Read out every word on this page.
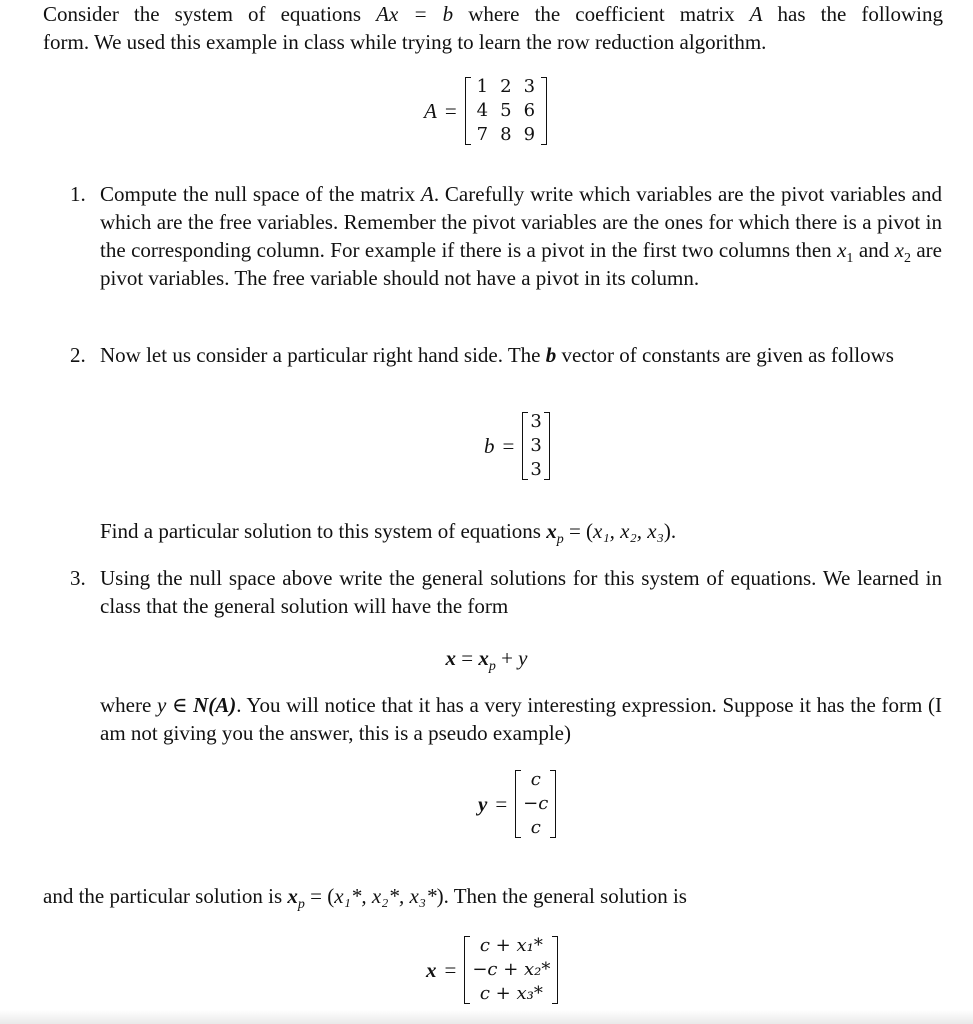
Consider the system of equations Ax = b where the coefficient matrix A has the following
form. We used this example in class while trying to learn the row reduction algorithm.
A =
1 2 3
4 5 6
7 8 9
1. Compute the null space of the matrix A. Carefully write which variables are the pivot variables and which are the free variables. Remember the pivot variables are the ones for which there is a pivot in the corresponding column. For example if there is a pivot in the first two columns then $x_1$ and $x_2$ are pivot variables. The free variable should not have a pivot in its column.
2. Now let us consider a particular right hand side. The b vector of constants are given as follows
b =
3
3
3
Find a particular solution to this system of equations $x_p = (x_1$, x₂, x₃).
3. Using the null space above write the general solutions for this system of equations. We learned in class that the general solution will have the form
$x = x_p + y$
where y ∈ N(A). You will notice that it has a very interesting expression. Suppose it has the form (I am not giving you the answer, this is a pseudo example)
y =
c
−c
c
and the particular solution is $x_p = (x_1*$, x₂*, x₃*). Then the general solution is
x =
c + x₁*
−c + x₂*
c + x₃*
